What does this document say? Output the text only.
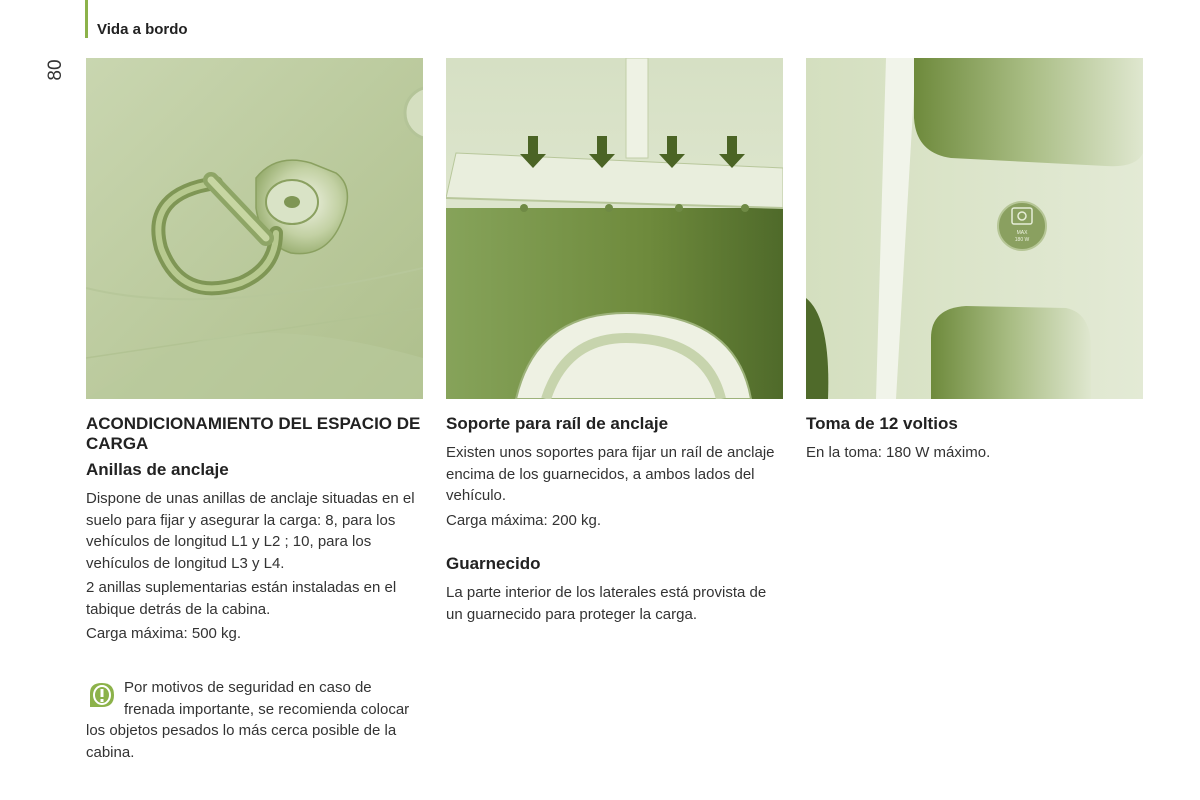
Vida a bordo
80
MAX
180 W
ACONDICIONAMIENTO DEL ESPACIO DE CARGA
Anillas de anclaje

Dispone de unas anillas de anclaje situadas en el suelo para fijar y asegurar la carga: 8, para los vehículos de longitud L1 y L2 ; 10, para los vehículos de longitud L3 y L4.

2 anillas suplementarias están instaladas en el tabique detrás de la cabina.

Carga máxima: 500 kg.

Por motivos de seguridad en caso de frenada importante, se recomienda colocar los objetos pesados lo más cerca posible de la cabina.
Soporte para raíl de anclaje

Existen unos soportes para fijar un raíl de anclaje encima de los guarnecidos, a ambos lados del vehículo.

Carga máxima: 200 kg.

Guarnecido

La parte interior de los laterales está provista de un guarnecido para proteger la carga.

Toma de 12 voltios

En la toma: 180 W máximo.
